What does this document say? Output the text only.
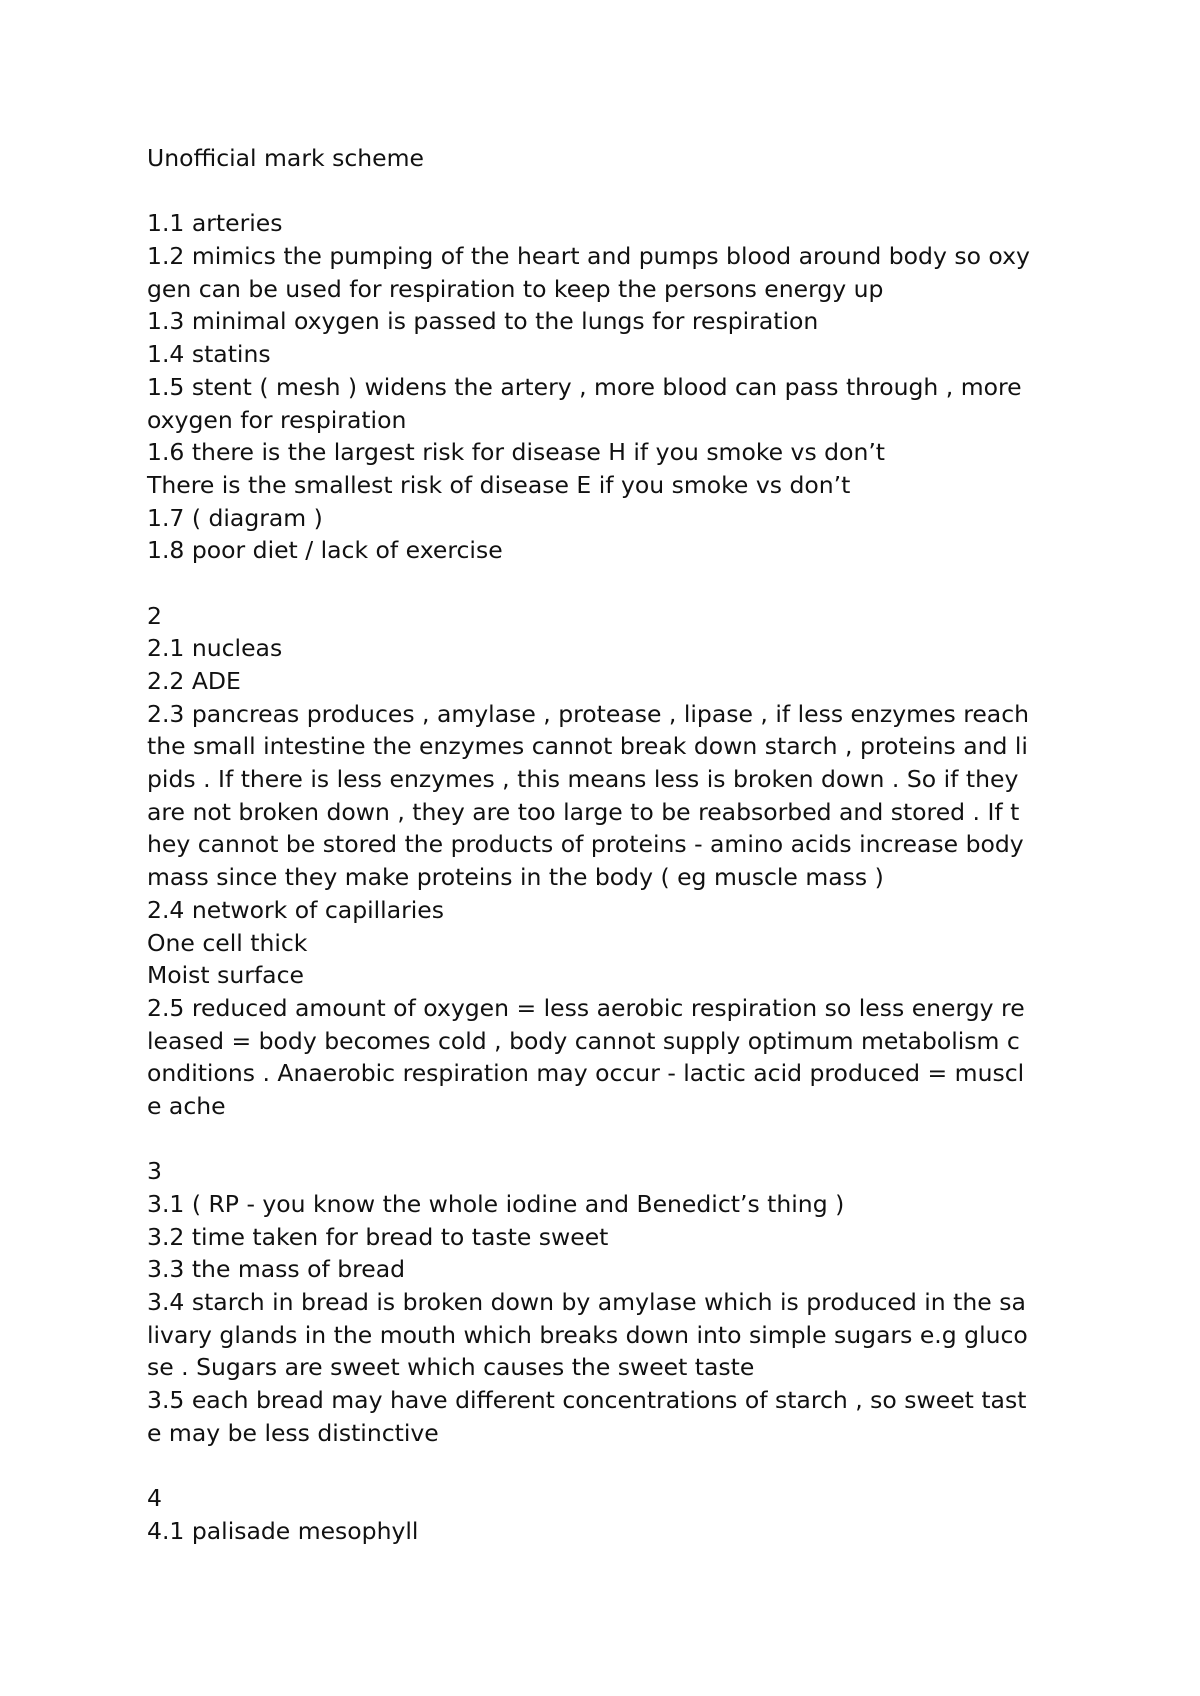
Unofficial mark scheme
1.1 arteries
1.2 mimics the pumping of the heart and pumps blood around body so oxy
gen can be used for respiration to keep the persons energy up
1.3 minimal oxygen is passed to the lungs for respiration
1.4 statins
1.5 stent ( mesh ) widens the artery , more blood can pass through , more
oxygen for respiration
1.6 there is the largest risk for disease H if you smoke vs don’t
There is the smallest risk of disease E if you smoke vs don’t
1.7 ( diagram )
1.8 poor diet / lack of exercise
2
2.1 nucleas
2.2 ADE
2.3 pancreas produces , amylase , protease , lipase , if less enzymes reach
the small intestine the enzymes cannot break down starch , proteins and li
pids . If there is less enzymes , this means less is broken down . So if they
are not broken down , they are too large to be reabsorbed and stored . If t
hey cannot be stored the products of proteins - amino acids increase body
mass since they make proteins in the body ( eg muscle mass )
2.4 network of capillaries
One cell thick
Moist surface
2.5 reduced amount of oxygen = less aerobic respiration so less energy re
leased = body becomes cold , body cannot supply optimum metabolism c
onditions . Anaerobic respiration may occur - lactic acid produced = muscl
e ache
3
3.1 ( RP - you know the whole iodine and Benedict’s thing )
3.2 time taken for bread to taste sweet
3.3 the mass of bread
3.4 starch in bread is broken down by amylase which is produced in the sa
livary glands in the mouth which breaks down into simple sugars e.g gluco
se . Sugars are sweet which causes the sweet taste
3.5 each bread may have different concentrations of starch , so sweet tast
e may be less distinctive
4
4.1 palisade mesophyll
